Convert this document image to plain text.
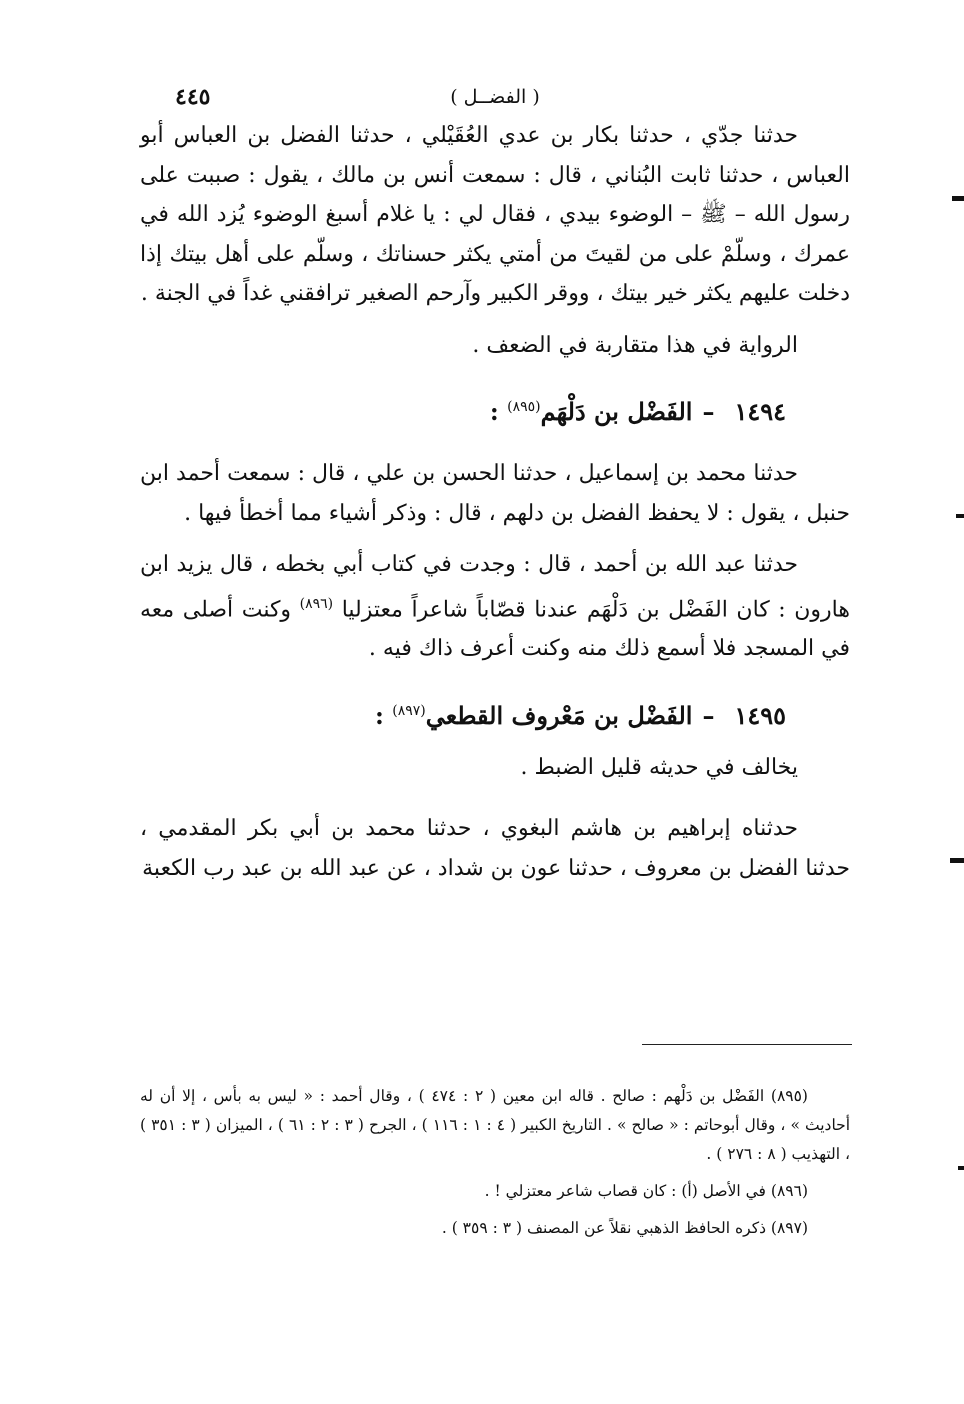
( الفضــل )
٤٤٥

حدثنا جدّي ، حدثنا بكار بن عدي العُقَيْلي ، حدثنا الفضل بن العباس أبو العباس ، حدثنا ثابت البُناني ، قال : سمعت أنس بن مالك ، يقول : صببت على رسول الله – ﷺ – الوضوء بيدي ، فقال لي : يا غلام أسبغ الوضوء يُزد الله في عمرك ، وسلّمْ على من لقيتَ من أمتي يكثر حسناتك ، وسلّم على أهل بيتك إذا دخلت عليهم يكثر خير بيتك ، ووقر الكبير وآرحم الصغير ترافقني غداً في الجنة .

الرواية في هذا متقاربة في الضعف .

١٤٩٤–الفَضْل بن دَلْهَم$^{(٨٩٥)}$ :

حدثنا محمد بن إسماعيل ، حدثنا الحسن بن علي ، قال : سمعت أحمد ابن حنبل ، يقول : لا يحفظ الفضل بن دلهم ، قال : وذكر أشياء مما أخطأ فيها .

حدثنا عبد الله بن أحمد ، قال : وجدت في كتاب أبي بخطه ، قال يزيد ابن هارون : كان الفَضْل بن دَلْهَم عندنا قصّاباً شاعراً معتزليا $^{(٨٩٦)}$ وكنت أصلى معه في المسجد فلا أسمع ذلك منه وكنت أعرف ذاك فيه .

١٤٩٥–الفَضْل بن مَعْروف القطعي$^{(٨٩٧)}$ :

يخالف في حديثه قليل الضبط .

حدثناه إبراهيم بن هاشم البغوي ، حدثنا محمد بن أبي بكر المقدمي ، حدثنا الفضل بن معروف ، حدثنا عون بن شداد ، عن عبد الله بن عبد رب الكعبة

(٨٩٥) الفَضْل بن دَلْهم : صالح . قاله ابن معين ( ٢ : ٤٧٤ ) ، وقال أحمد : « ليس به بأس ، إلا أن له أحاديث » ، وقال أبوحاتم : « صالح » . التاريخ الكبير ( ٤ : ١ : ١١٦ ) ، الجرح ( ٣ : ٢ : ٦١ ) ، الميزان ( ٣ : ٣٥١ ) ، التهذيب ( ٨ : ٢٧٦ ) .

(٨٩٦) في الأصل (أ) : كان قصاب شاعر معتزلي ! .

(٨٩٧) ذكره الحافظ الذهبي نقلاً عن المصنف ( ٣ : ٣٥٩ ) .
